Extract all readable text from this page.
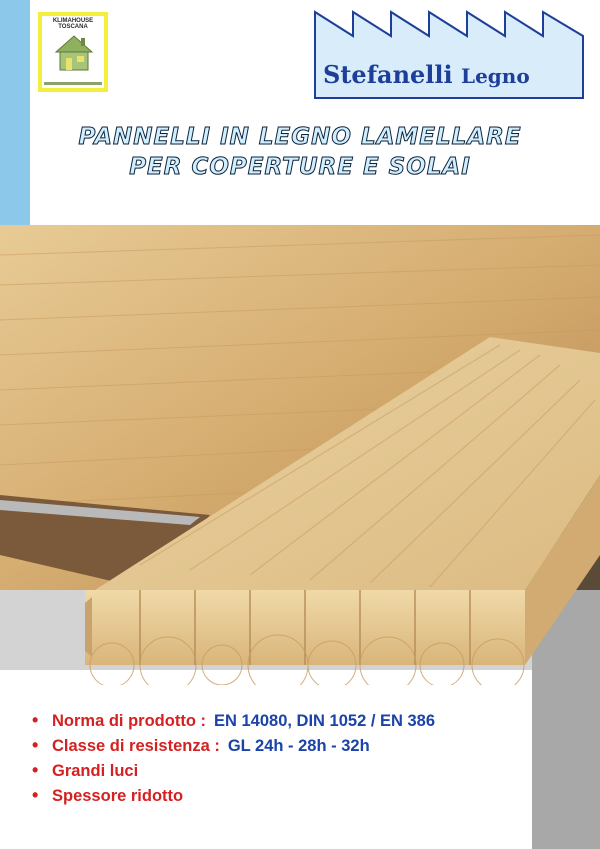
KLIMAHOUSE TOSCANA
Stefanelli Legno
PANNELLI IN LEGNO LAMELLARE
PER COPERTURE E SOLAI
• Norma di prodotto : EN 14080, DIN 1052 / EN 386
• Classe di resistenza : GL 24h - 28h - 32h
• Grandi luci
• Spessore ridotto
